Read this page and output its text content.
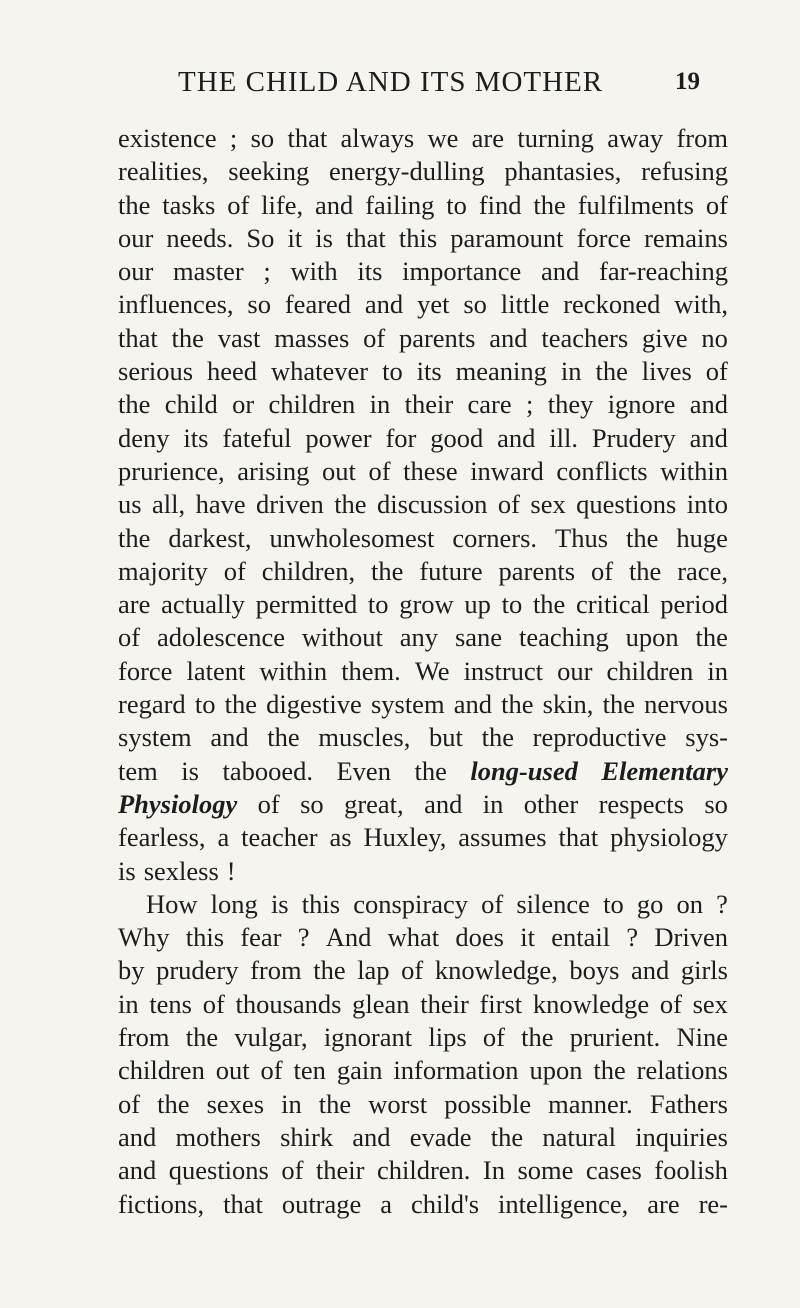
THE CHILD AND ITS MOTHER	19
existence ; so that always we are turning away from
realities, seeking energy-dulling phantasies, refusing
the tasks of life, and failing to find the fulfilments of
our needs. So it is that this paramount force remains
our master ; with its importance and far-reaching
influences, so feared and yet so little reckoned with,
that the vast masses of parents and teachers give no
serious heed whatever to its meaning in the lives of
the child or children in their care ; they ignore and
deny its fateful power for good and ill. Prudery and
prurience, arising out of these inward conflicts within
us all, have driven the discussion of sex questions into
the darkest, unwholesomest corners. Thus the huge
majority of children, the future parents of the race,
are actually permitted to grow up to the critical period
of adolescence without any sane teaching upon the
force latent within them. We instruct our children in
regard to the digestive system and the skin, the nervous
system and the muscles, but the reproductive sys-
tem is tabooed. Even the long-used Elementary
Physiology of so great, and in other respects so
fearless, a teacher as Huxley, assumes that physiology
is sexless !
How long is this conspiracy of silence to go on ?
Why this fear ? And what does it entail ? Driven
by prudery from the lap of knowledge, boys and girls
in tens of thousands glean their first knowledge of sex
from the vulgar, ignorant lips of the prurient. Nine
children out of ten gain information upon the relations
of the sexes in the worst possible manner. Fathers
and mothers shirk and evade the natural inquiries
and questions of their children. In some cases foolish
fictions, that outrage a child's intelligence, are re-
